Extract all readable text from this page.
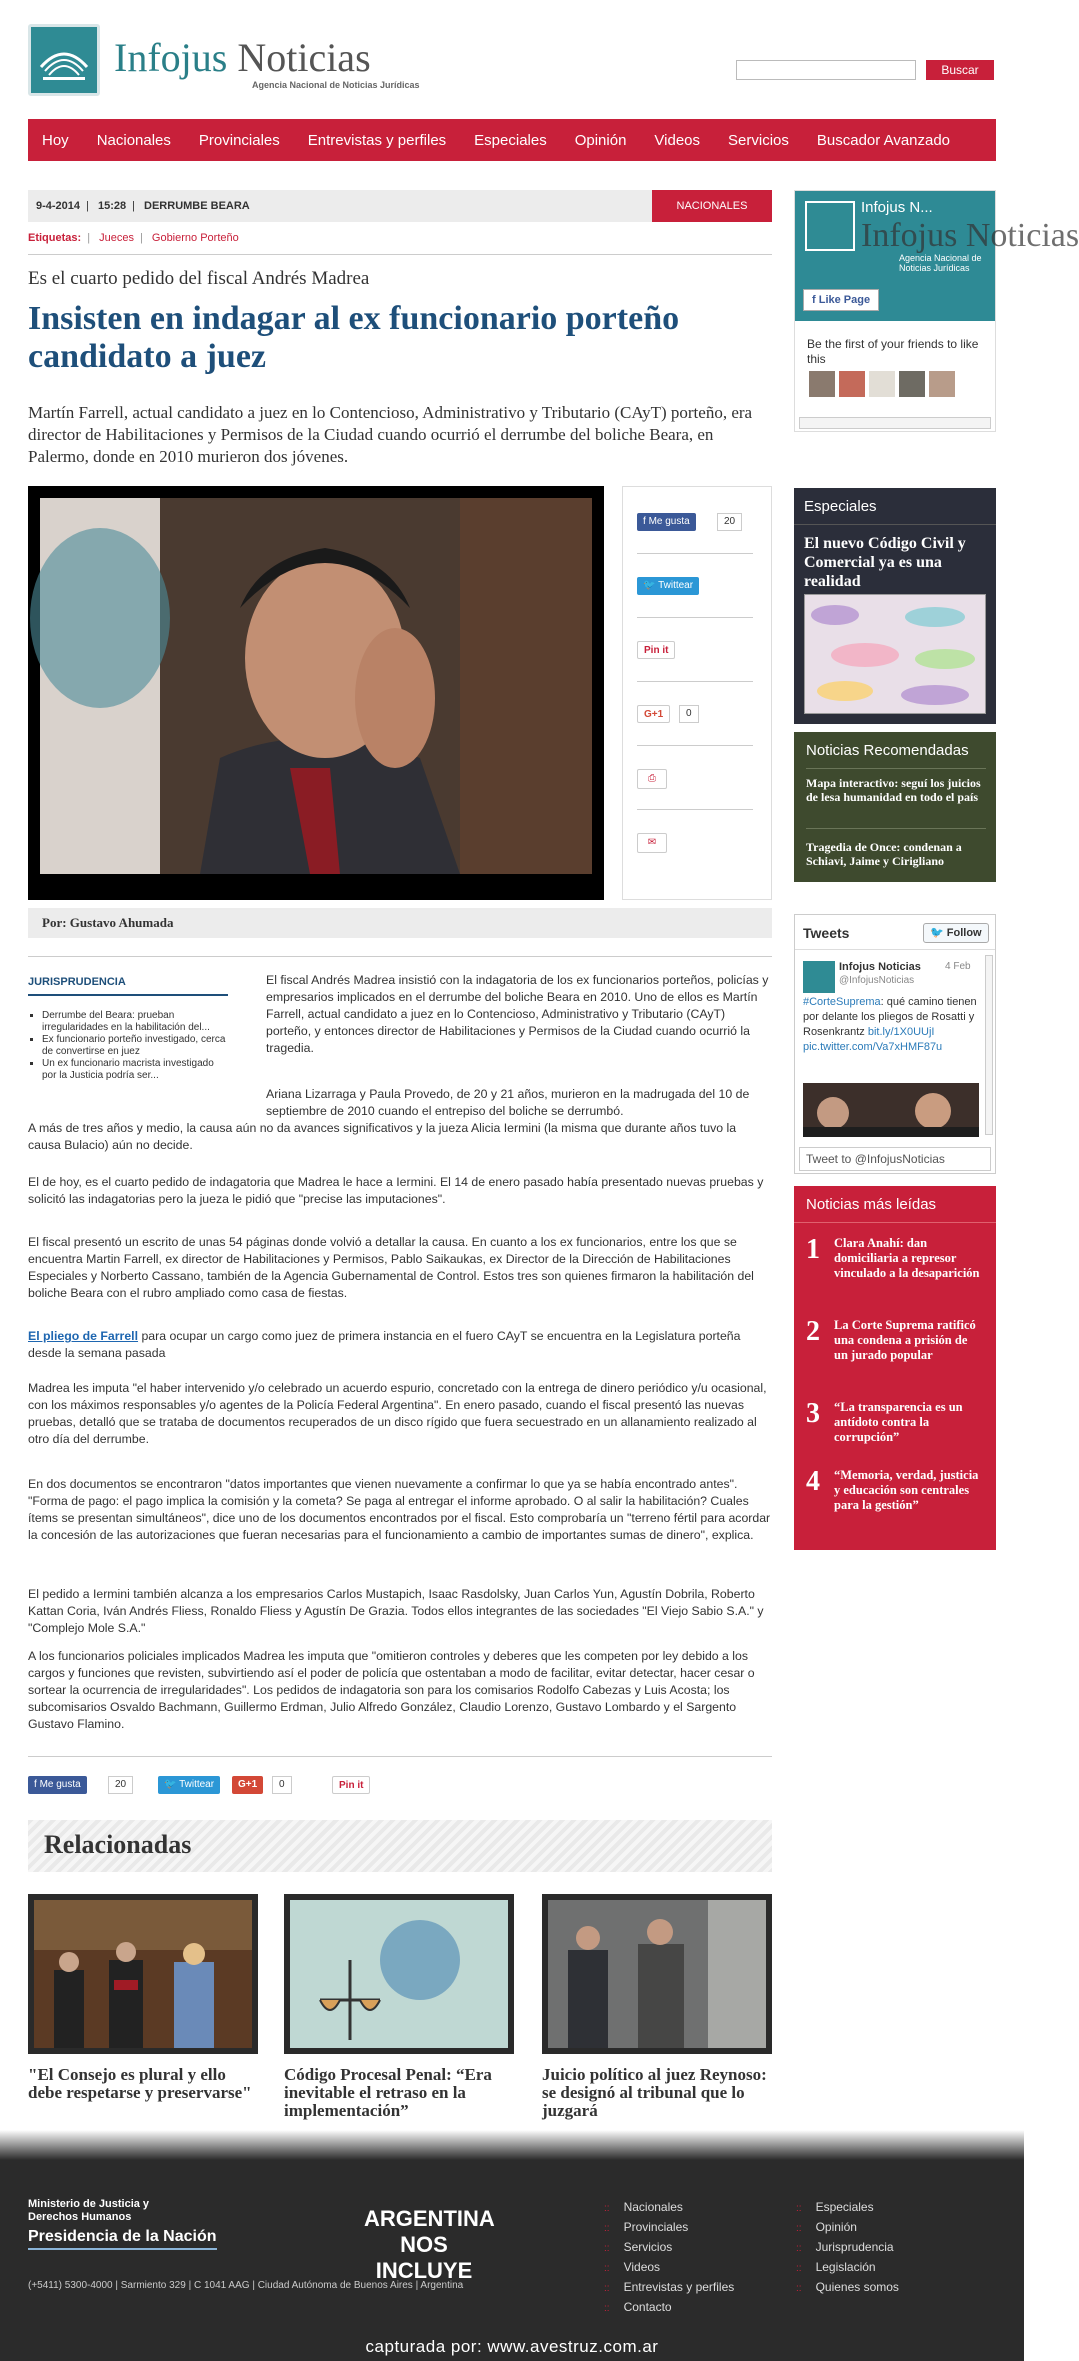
Infojus Noticias
Agencia Nacional de Noticias Jurídicas
Buscar
Hoy Nacionales Provinciales Entrevistas y perfiles Especiales Opinión Videos Servicios Buscador Avanzado
9-4-2014 | 15:28 | DERRUMBE BEARA	NACIONALES
Etiquetas: | Jueces | Gobierno Porteño
Es el cuarto pedido del fiscal Andrés Madrea
Insisten en indagar al ex funcionario porteño candidato a juez
Martín Farrell, actual candidato a juez en lo Contencioso, Administrativo y Tributario (CAyT) porteño, era director de Habilitaciones y Permisos de la Ciudad cuando ocurrió el derrumbe del boliche Beara, en Palermo, donde en 2010 murieron dos jóvenes.
f Me gusta	20
🐦 Twittear
Pin it
G+1	0
⎙
✉
Por: Gustavo Ahumada

El fiscal Andrés Madrea insistió con la indagatoria de los ex funcionarios porteños, policías y empresarios implicados en el derrumbe del boliche Beara en 2010. Uno de ellos es Martín Farrell, actual candidato a juez en lo Contencioso, Administrativo y Tributario (CAyT) porteño, y entonces director de Habilitaciones y Permisos de la Ciudad cuando ocurrió la tragedia.
Ariana Lizarraga y Paula Provedo, de 20 y 21 años, murieron en la madrugada del 10 de septiembre de 2010 cuando el entrepiso del boliche se derrumbó.
A más de tres años y medio, la causa aún no da avances significativos y la jueza Alicia Iermini (la misma que durante años tuvo la causa Bulacio) aún no decide.
El de hoy, es el cuarto pedido de indagatoria que Madrea le hace a Iermini. El 14 de enero pasado había presentado nuevas pruebas y solicitó las indagatorias pero la jueza le pidió que "precise las imputaciones".
El fiscal presentó un escrito de unas 54 páginas donde volvió a detallar la causa. En cuanto a los ex funcionarios, entre los que se encuentra Martin Farrell, ex director de Habilitaciones y Permisos, Pablo Saikaukas, ex Director de la Dirección de Habilitaciones Especiales y Norberto Cassano, también de la Agencia Gubernamental de Control. Estos tres son quienes firmaron la habilitación del boliche Beara con el rubro ampliado como casa de fiestas.
El pliego de Farrell para ocupar un cargo como juez de primera instancia en el fuero CAyT se encuentra en la Legislatura porteña desde la semana pasada
Madrea les imputa "el haber intervenido y/o celebrado un acuerdo espurio, concretado con la entrega de dinero periódico y/u ocasional, con los máximos responsables y/o agentes de la Policía Federal Argentina". En enero pasado, cuando el fiscal presentó las nuevas pruebas, detalló que se trataba de documentos recuperados de un disco rígido que fuera secuestrado en un allanamiento realizado al otro día del derrumbe.
En dos documentos se encontraron "datos importantes que vienen nuevamente a confirmar lo que ya se había encontrado antes". "Forma de pago: el pago implica la comisión y la cometa? Se paga al entregar el informe aprobado. O al salir la habilitación? Cuales ítems se presentan simultáneos", dice uno de los documentos encontrados por el fiscal. Esto comprobaría un "terreno fértil para acordar la concesión de las autorizaciones que fueran necesarias para el funcionamiento a cambio de importantes sumas de dinero", explica.
El pedido a Iermini también alcanza a los empresarios Carlos Mustapich, Isaac Rasdolsky, Juan Carlos Yun, Agustín Dobrila, Roberto Kattan Coria, Iván Andrés Fliess, Ronaldo Fliess y Agustín De Grazia. Todos ellos integrantes de las sociedades "El Viejo Sabio S.A." y "Complejo Mole S.A."
A los funcionarios policiales implicados Madrea les imputa que "omitieron controles y deberes que les competen por ley debido a los cargos y funciones que revisten, subvirtiendo así el poder de policía que ostentaban a modo de facilitar, evitar detectar, hacer cesar o sortear la ocurrencia de irregularidades". Los pedidos de indagatoria son para los comisarios Rodolfo Cabezas y Luis Acosta; los subcomisarios Osvaldo Bachmann, Guillermo Erdman, Julio Alfredo González, Claudio Lorenzo, Gustavo Lombardo y el Sargento Gustavo Flamino.
JURISPRUDENCIA
▪ Derrumbe del Beara: prueban irregularidades en la habilitación del...
▪ Ex funcionario porteño investigado, cerca de convertirse en juez
▪ Un ex funcionario macrista investigado por la Justicia podría ser...
f Me gusta	20	🐦 Twittear	G+1	0	Pin it
Relacionadas
"El Consejo es plural y ello debe respetarse y preservarse"
Código Procesal Penal: “Era inevitable el retraso en la implementación”
Juicio político al juez Reynoso: se designó al tribunal que lo juzgará
Infojus N...
Infojus Noticias
Agencia Nacional de Noticias Jurídicas
f Like Page
Be the first of your friends to like this
Especiales
El nuevo Código Civil y Comercial ya es una realidad
Noticias Recomendadas
Mapa interactivo: seguí los juicios de lesa humanidad en todo el país
Tragedia de Once: condenan a Schiavi, Jaime y Cirigliano
Tweets	🐦 Follow
Infojus Noticias
@InfojusNoticias
4 Feb
#CorteSuprema: qué camino tienen por delante los pliegos de Rosatti y Rosenkrantz bit.ly/1X0UUjI
pic.twitter.com/Va7xHMF87u
Tweet to @InfojusNoticias
Noticias más leídas
1 Clara Anahí: dan domiciliaria a represor vinculado a la desaparición
2 La Corte Suprema ratificó una condena a prisión de un jurado popular
3 “La transparencia es un antídoto contra la corrupción”
4 “Memoria, verdad, justicia y educación son centrales para la gestión”
Ministerio de Justicia y Derechos Humanos
Presidencia de la Nación
ARGENTINA NOS INCLUYE
(+5411) 5300-4000 | Sarmiento 329 | C 1041 AAG | Ciudad Autónoma de Buenos Aires | Argentina
:: Nacionales
:: Provinciales
:: Servicios
:: Videos
:: Entrevistas y perfiles
:: Contacto
:: Especiales
:: Opinión
:: Jurisprudencia
:: Legislación
:: Quienes somos
capturada por: www.avestruz.com.ar
